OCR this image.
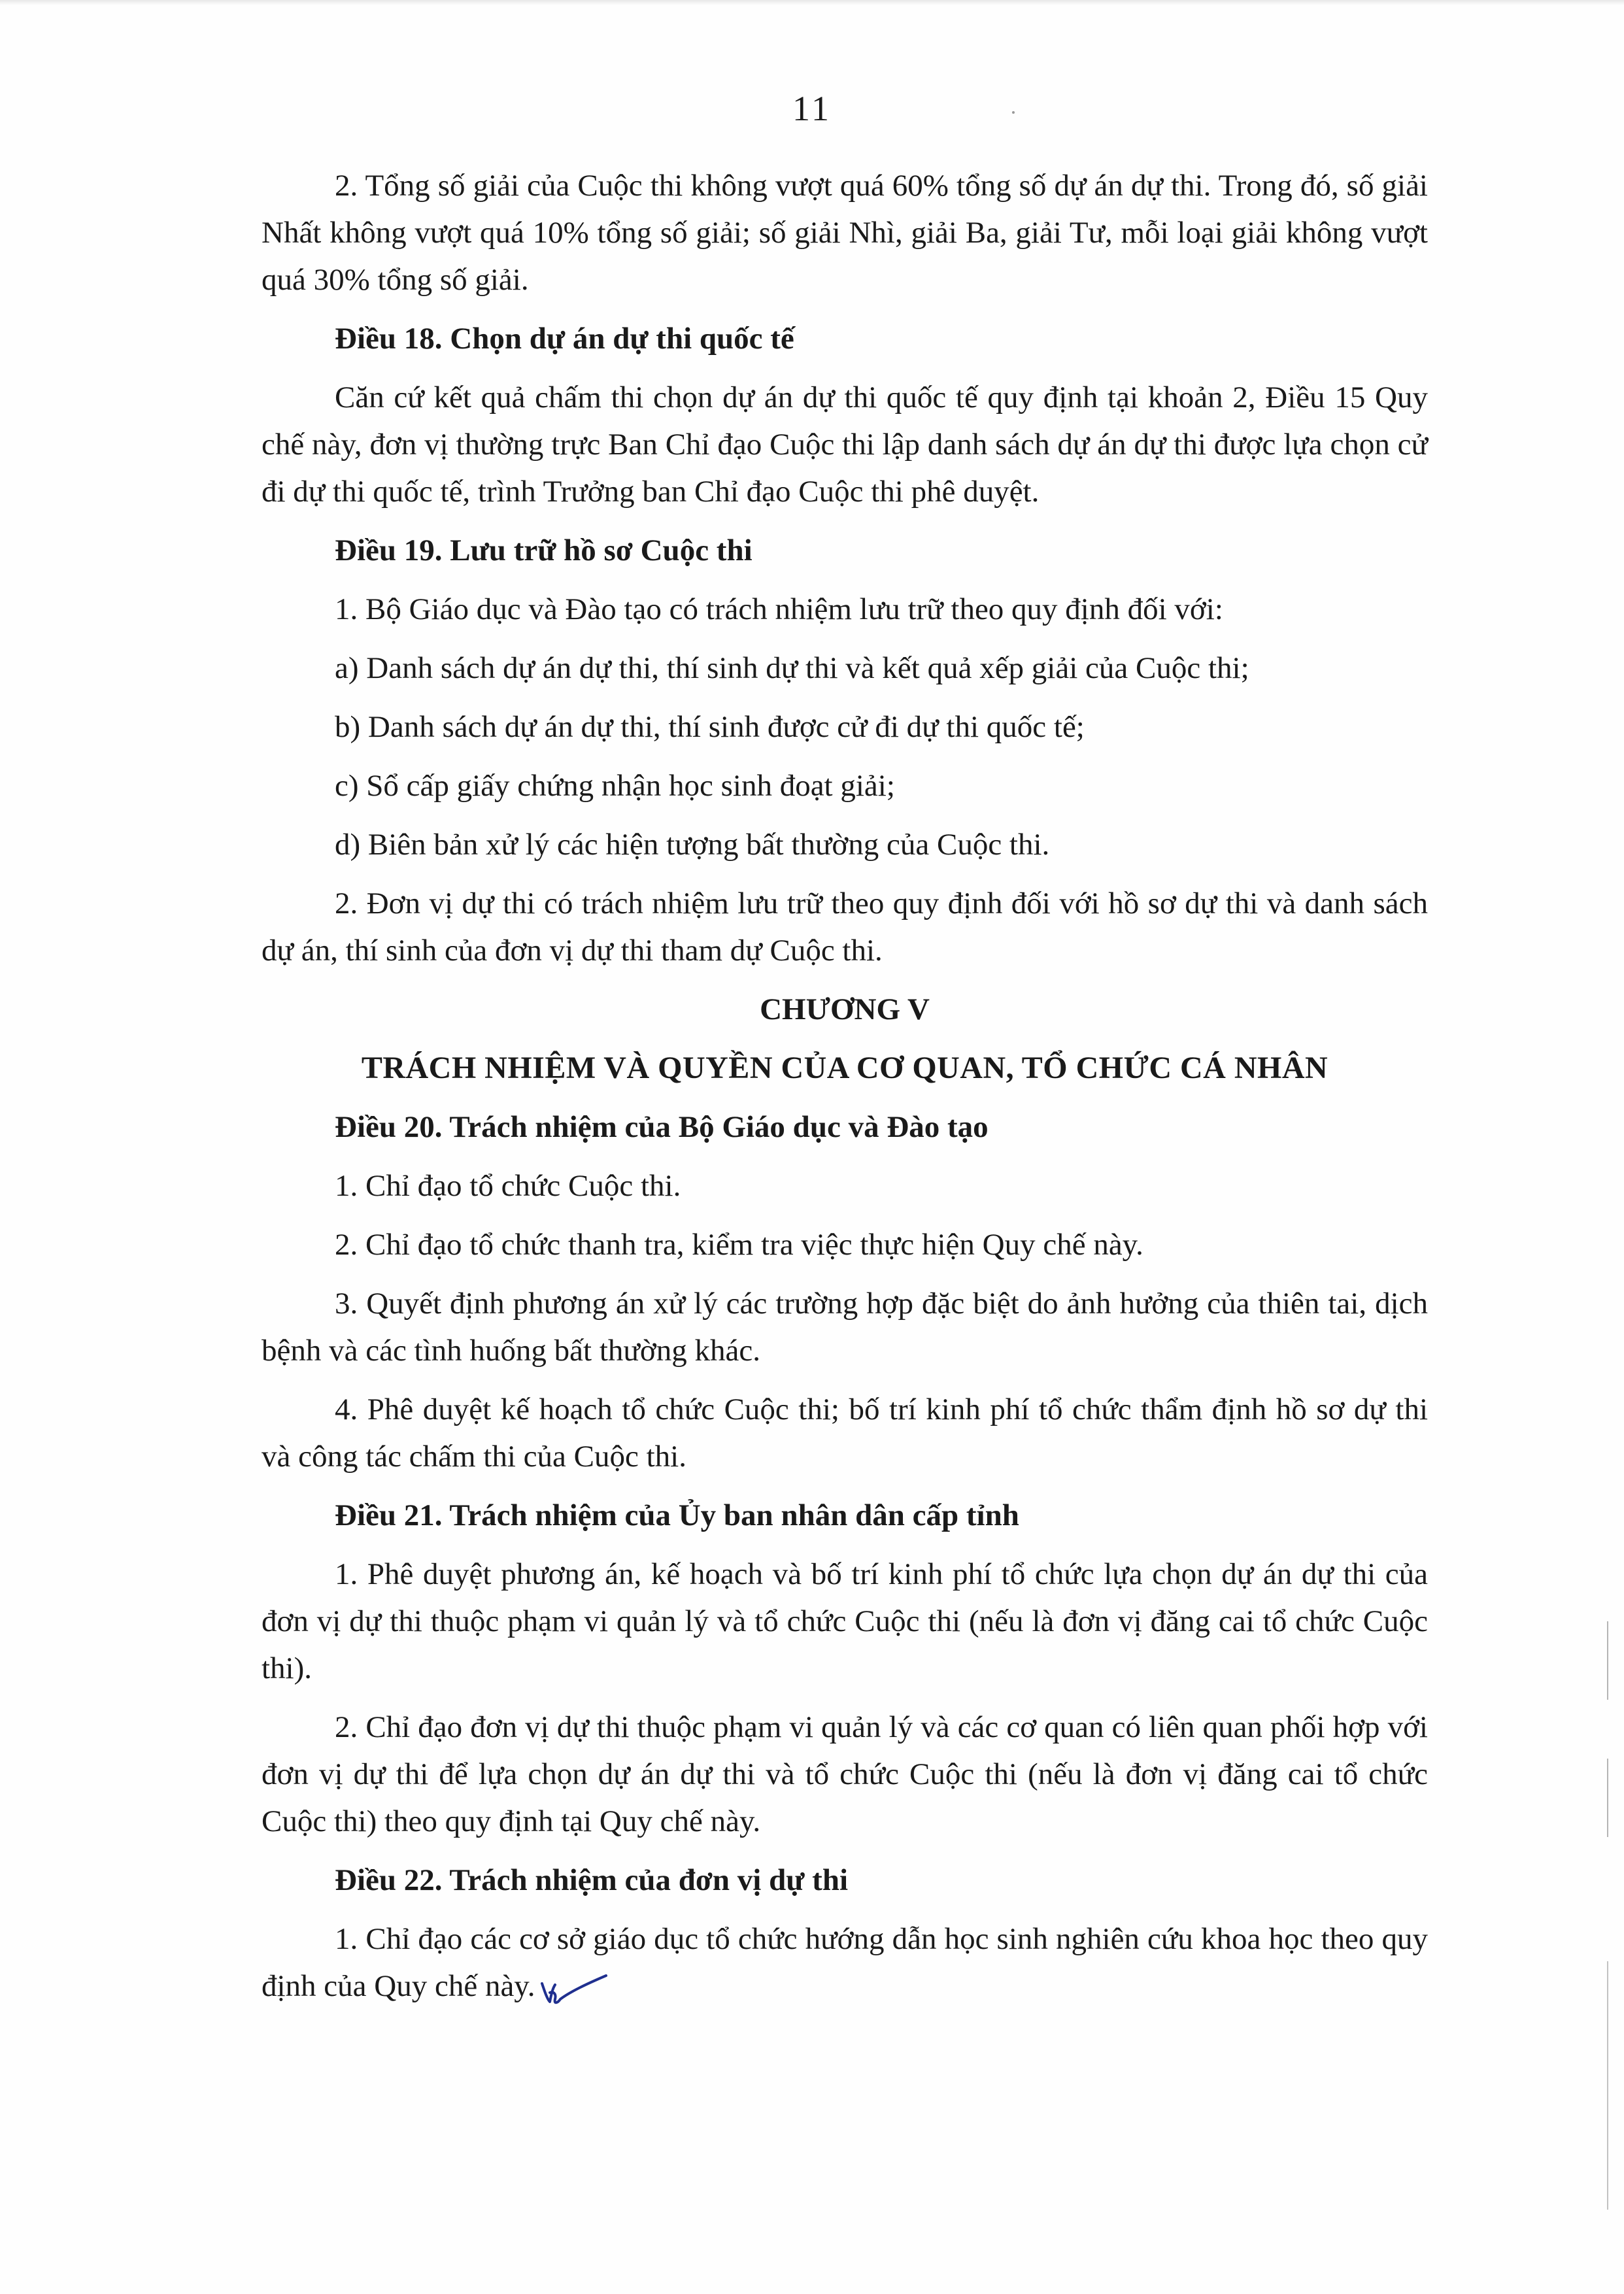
11

2. Tổng số giải của Cuộc thi không vượt quá 60% tổng số dự án dự thi. Trong đó, số giải Nhất không vượt quá 10% tổng số giải; số giải Nhì, giải Ba, giải Tư, mỗi loại giải không vượt quá 30% tổng số giải.

Điều 18. Chọn dự án dự thi quốc tế

Căn cứ kết quả chấm thi chọn dự án dự thi quốc tế quy định tại khoản 2, Điều 15 Quy chế này, đơn vị thường trực Ban Chỉ đạo Cuộc thi lập danh sách dự án dự thi được lựa chọn cử đi dự thi quốc tế, trình Trưởng ban Chỉ đạo Cuộc thi phê duyệt.

Điều 19. Lưu trữ hồ sơ Cuộc thi

1. Bộ Giáo dục và Đào tạo có trách nhiệm lưu trữ theo quy định đối với:

a) Danh sách dự án dự thi, thí sinh dự thi và kết quả xếp giải của Cuộc thi;

b) Danh sách dự án dự thi, thí sinh được cử đi dự thi quốc tế;

c) Sổ cấp giấy chứng nhận học sinh đoạt giải;

d) Biên bản xử lý các hiện tượng bất thường của Cuộc thi.

2. Đơn vị dự thi có trách nhiệm lưu trữ theo quy định đối với hồ sơ dự thi và danh sách dự án, thí sinh của đơn vị dự thi tham dự Cuộc thi.

CHƯƠNG V

TRÁCH NHIỆM VÀ QUYỀN CỦA CƠ QUAN, TỔ CHỨC CÁ NHÂN

Điều 20. Trách nhiệm của Bộ Giáo dục và Đào tạo

1. Chỉ đạo tổ chức Cuộc thi.

2. Chỉ đạo tổ chức thanh tra, kiểm tra việc thực hiện Quy chế này.

3. Quyết định phương án xử lý các trường hợp đặc biệt do ảnh hưởng của thiên tai, dịch bệnh và các tình huống bất thường khác.

4. Phê duyệt kế hoạch tổ chức Cuộc thi; bố trí kinh phí tổ chức thẩm định hồ sơ dự thi và công tác chấm thi của Cuộc thi.

Điều 21. Trách nhiệm của Ủy ban nhân dân cấp tỉnh

1. Phê duyệt phương án, kế hoạch và bố trí kinh phí tổ chức lựa chọn dự án dự thi của đơn vị dự thi thuộc phạm vi quản lý và tổ chức Cuộc thi (nếu là đơn vị đăng cai tổ chức Cuộc thi).

2. Chỉ đạo đơn vị dự thi thuộc phạm vi quản lý và các cơ quan có liên quan phối hợp với đơn vị dự thi để lựa chọn dự án dự thi và tổ chức Cuộc thi (nếu là đơn vị đăng cai tổ chức Cuộc thi) theo quy định tại Quy chế này.

Điều 22. Trách nhiệm của đơn vị dự thi

1. Chỉ đạo các cơ sở giáo dục tổ chức hướng dẫn học sinh nghiên cứu khoa học theo quy định của Quy chế này.
